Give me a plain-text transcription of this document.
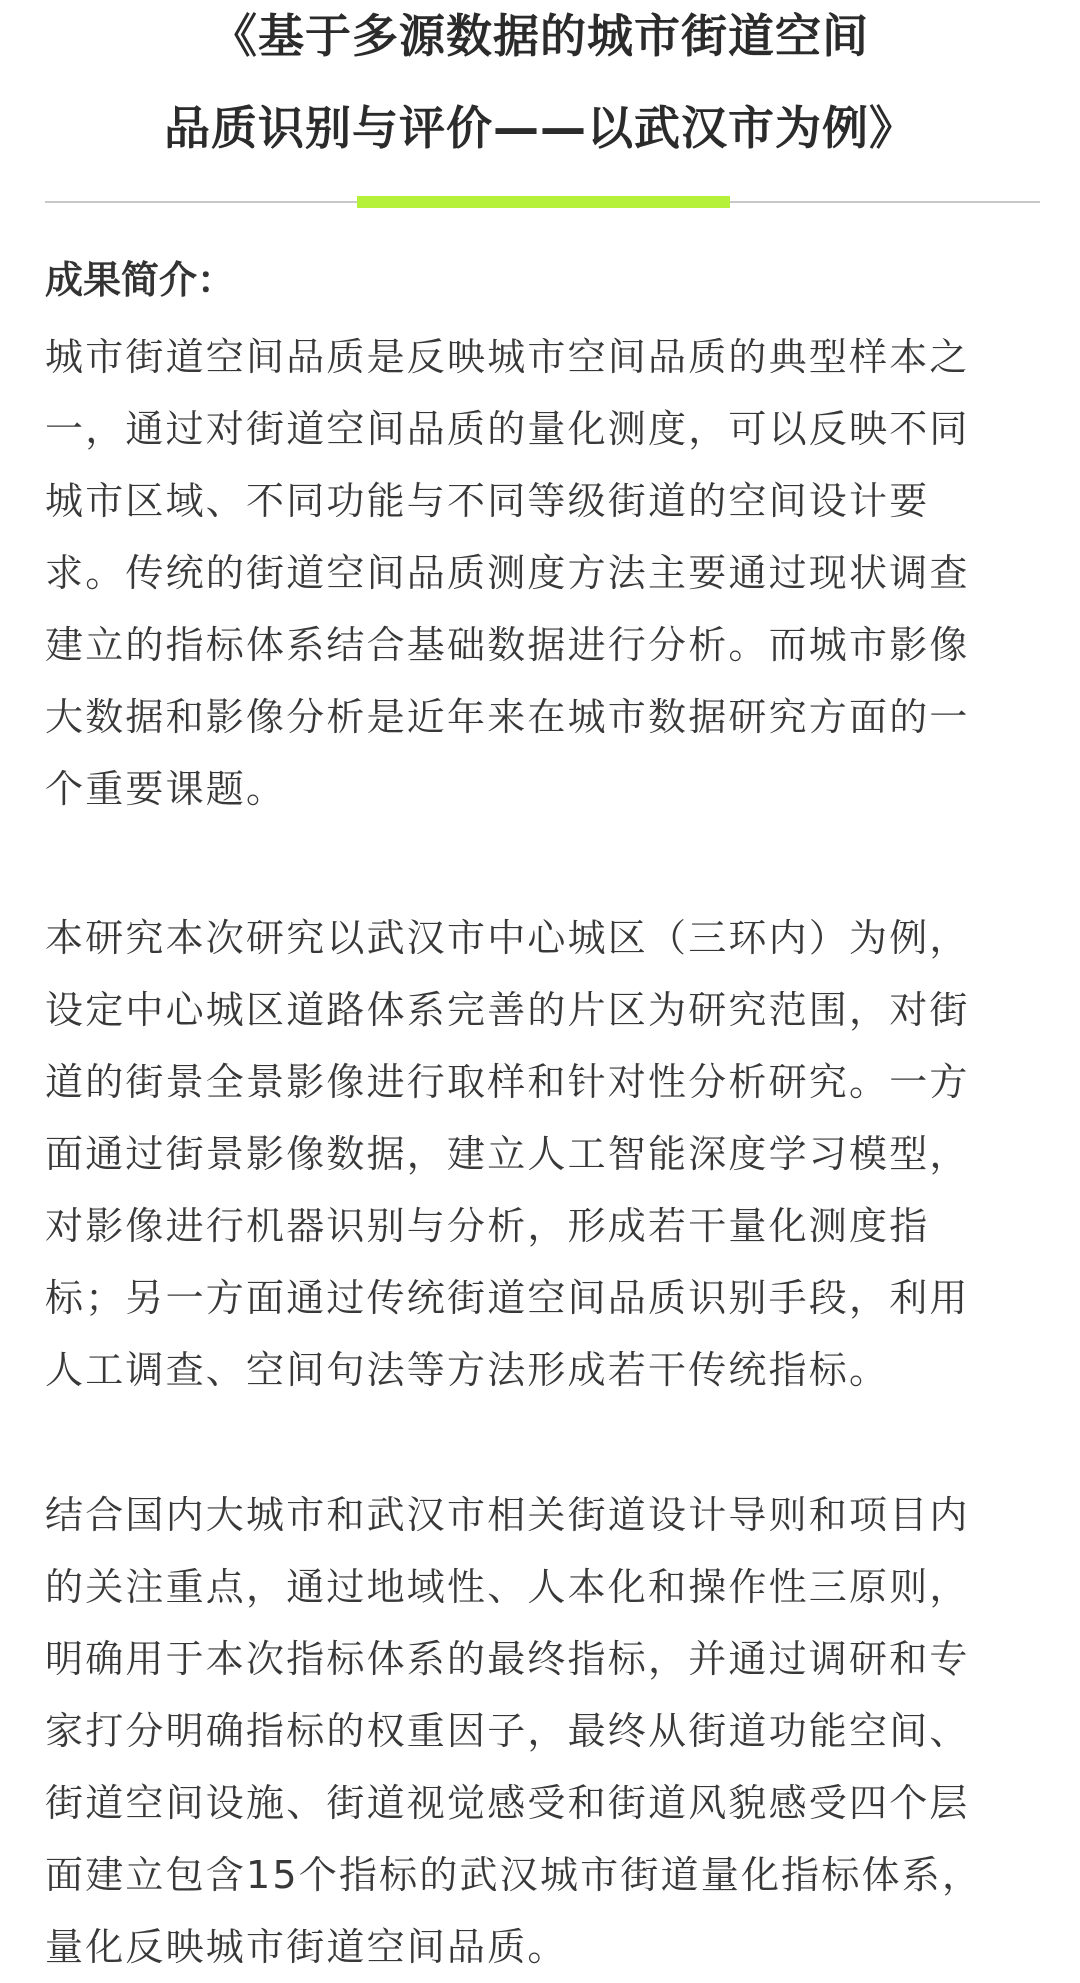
《基于多源数据的城市街道空间
品质识别与评价——以武汉市为例》
成果简介：
城市街道空间品质是反映城市空间品质的典型样本之
一，通过对街道空间品质的量化测度，可以反映不同
城市区域、不同功能与不同等级街道的空间设计要
求。传统的街道空间品质测度方法主要通过现状调查
建立的指标体系结合基础数据进行分析。而城市影像
大数据和影像分析是近年来在城市数据研究方面的一
个重要课题。
本研究本次研究以武汉市中心城区（三环内）为例，
设定中心城区道路体系完善的片区为研究范围，对街
道的街景全景影像进行取样和针对性分析研究。一方
面通过街景影像数据，建立人工智能深度学习模型，
对影像进行机器识别与分析，形成若干量化测度指
标；另一方面通过传统街道空间品质识别手段，利用
人工调查、空间句法等方法形成若干传统指标。
结合国内大城市和武汉市相关街道设计导则和项目内
的关注重点，通过地域性、人本化和操作性三原则，
明确用于本次指标体系的最终指标，并通过调研和专
家打分明确指标的权重因子，最终从街道功能空间、
街道空间设施、街道视觉感受和街道风貌感受四个层
面建立包含15个指标的武汉城市街道量化指标体系，
量化反映城市街道空间品质。
